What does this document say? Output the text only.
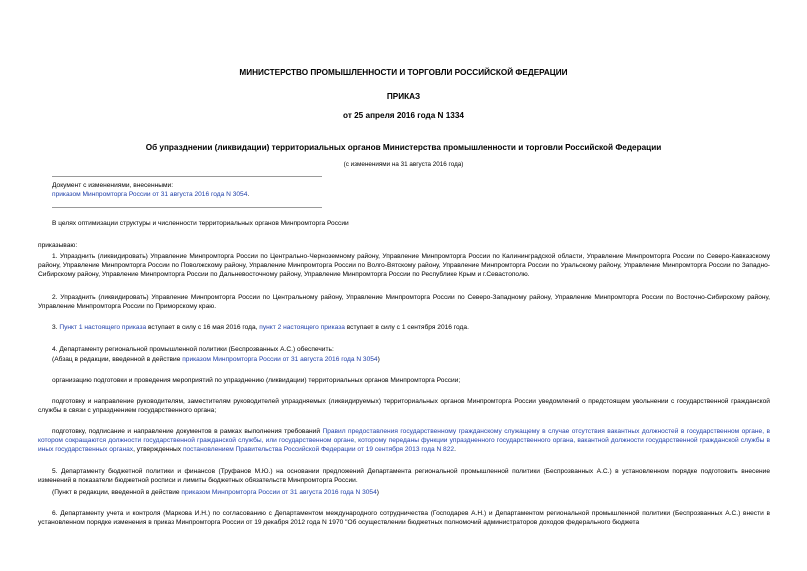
МИНИСТЕРСТВО ПРОМЫШЛЕННОСТИ И ТОРГОВЛИ РОССИЙСКОЙ ФЕДЕРАЦИИ
ПРИКАЗ
от 25 апреля 2016 года N 1334
Об упразднении (ликвидации) территориальных органов Министерства промышленности и торговли Российской Федерации
(с изменениями на 31 августа 2016 года)
Документ с изменениями, внесенными:
приказом Минпромторга России от 31 августа 2016 года N 3054.
В целях оптимизации структуры и численности территориальных органов Минпромторга России
приказываю:
1. Упразднить (ликвидировать) Управление Минпромторга России по Центрально-Черноземному району, Управление Минпромторга России по Калининградской области, Управление Минпромторга России по Северо-Кавказскому району, Управление Минпромторга России по Поволжскому району, Управление Минпромторга России по Волго-Вятскому району, Управление Минпромторга России по Уральскому району, Управление Минпромторга России по Западно-Сибирскому району, Управление Минпромторга России по Дальневосточному району, Управление Минпромторга России по Республике Крым и г.Севастополю.
2. Упразднить (ликвидировать) Управление Минпромторга России по Центральному району, Управление Минпромторга России по Северо-Западному району, Управление Минпромторга России по Восточно-Сибирскому району, Управление Минпромторга России по Приморскому краю.
3. Пункт 1 настоящего приказа вступает в силу с 16 мая 2016 года, пункт 2 настоящего приказа вступает в силу с 1 сентября 2016 года.
4. Департаменту региональной промышленной политики (Беспрозванных А.С.) обеспечить:
(Абзац в редакции, введенной в действие приказом Минпромторга России от 31 августа 2016 года N 3054)
организацию подготовки и проведения мероприятий по упразднению (ликвидации) территориальных органов Минпромторга России;
подготовку и направление руководителям, заместителям руководителей упраздняемых (ликвидируемых) территориальных органов Минпромторга России уведомлений о предстоящем увольнении с государственной гражданской службы в связи с упразднением государственного органа;
подготовку, подписание и направление документов в рамках выполнения требований Правил предоставления государственному гражданскому служащему в случае отсутствия вакантных должностей в государственном органе, в котором сокращаются должности государственной гражданской службы, или государственном органе, которому переданы функции упраздненного государственного органа, вакантной должности государственной гражданской службы в иных государственных органах, утвержденных постановлением Правительства Российской Федерации от 19 сентября 2013 года N 822.
5. Департаменту бюджетной политики и финансов (Труфанов М.Ю.) на основании предложений Департамента региональной промышленной политики (Беспрозванных А.С.) в установленном порядке подготовить внесение изменений в показатели бюджетной росписи и лимиты бюджетных обязательств Минпромторга России.
(Пункт в редакции, введенной в действие приказом Минпромторга России от 31 августа 2016 года N 3054)
6. Департаменту учета и контроля (Маркова И.Н.) по согласованию с Департаментом международного сотрудничества (Господарев А.Н.) и Департаментом региональной промышленной политики (Беспрозванных А.С.) внести в установленном порядке изменения в приказ Минпромторга России от 19 декабря 2012 года N 1970 "Об осуществлении бюджетных полномочий администраторов доходов федерального бюджета
